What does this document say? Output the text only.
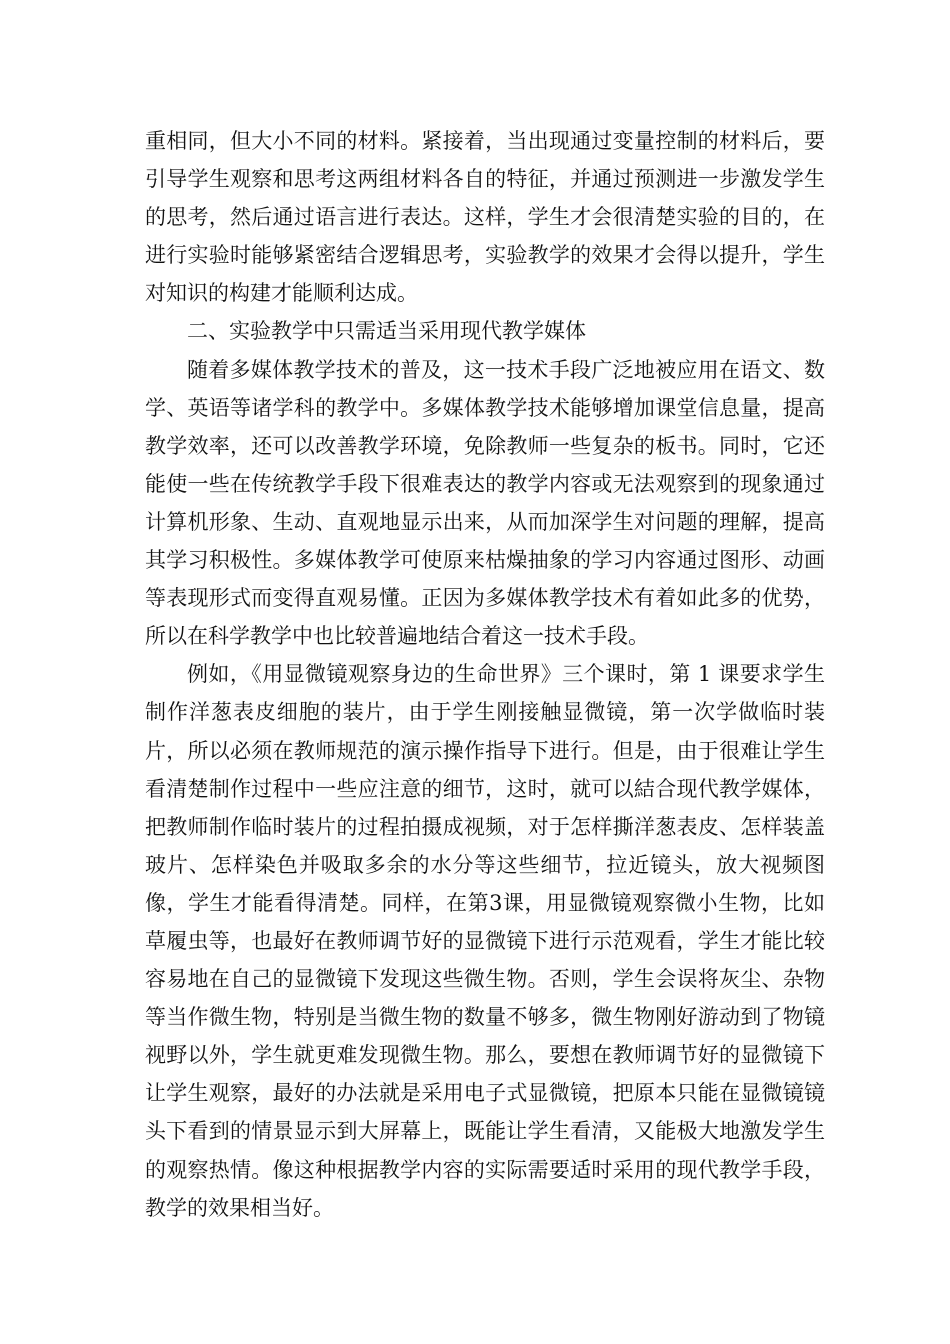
重相同，但大小不同的材料。紧接着，当出现通过变量控制的材料后，要引导学生观察和思考这两组材料各自的特征，并通过预测进一步激发学生的思考，然后通过语言进行表达。这样，学生才会很清楚实验的目的，在进行实验时能够紧密结合逻辑思考，实验教学的效果才会得以提升，学生对知识的构建才能顺利达成。

二、实验教学中只需适当采用现代教学媒体

随着多媒体教学技术的普及，这一技术手段广泛地被应用在语文、数学、英语等诸学科的教学中。多媒体教学技术能够增加课堂信息量，提高教学效率，还可以改善教学环境，免除教师一些复杂的板书。同时，它还能使一些在传统教学手段下很难表达的教学内容或无法观察到的现象通过计算机形象、生动、直观地显示出来，从而加深学生对问题的理解，提高其学习积极性。多媒体教学可使原来枯燥抽象的学习内容通过图形、动画等表现形式而变得直观易懂。正因为多媒体教学技术有着如此多的优势，所以在科学教学中也比较普遍地结合着这一技术手段。

例如，《用显微镜观察身边的生命世界》三个课时，第 1 课要求学生制作洋葱表皮细胞的装片，由于学生刚接触显微镜，第一次学做临时装片，所以必须在教师规范的演示操作指导下进行。但是，由于很难让学生看清楚制作过程中一些应注意的细节，这时，就可以結合现代教学媒体，把教师制作临时装片的过程拍摄成视频，对于怎样撕洋葱表皮、怎样装盖玻片、怎样染色并吸取多余的水分等这些细节，拉近镜头，放大视频图像，学生才能看得清楚。同样，在第3课，用显微镜观察微小生物，比如草履虫等，也最好在教师调节好的显微镜下进行示范观看，学生才能比较容易地在自己的显微镜下发现这些微生物。否则，学生会误将灰尘、杂物等当作微生物，特别是当微生物的数量不够多，微生物刚好游动到了物镜视野以外，学生就更难发现微生物。那么，要想在教师调节好的显微镜下让学生观察，最好的办法就是采用电子式显微镜，把原本只能在显微镜镜头下看到的情景显示到大屏幕上，既能让学生看清，又能极大地激发学生的观察热情。像这种根据教学内容的实际需要适时采用的现代教学手段，教学的效果相当好。
